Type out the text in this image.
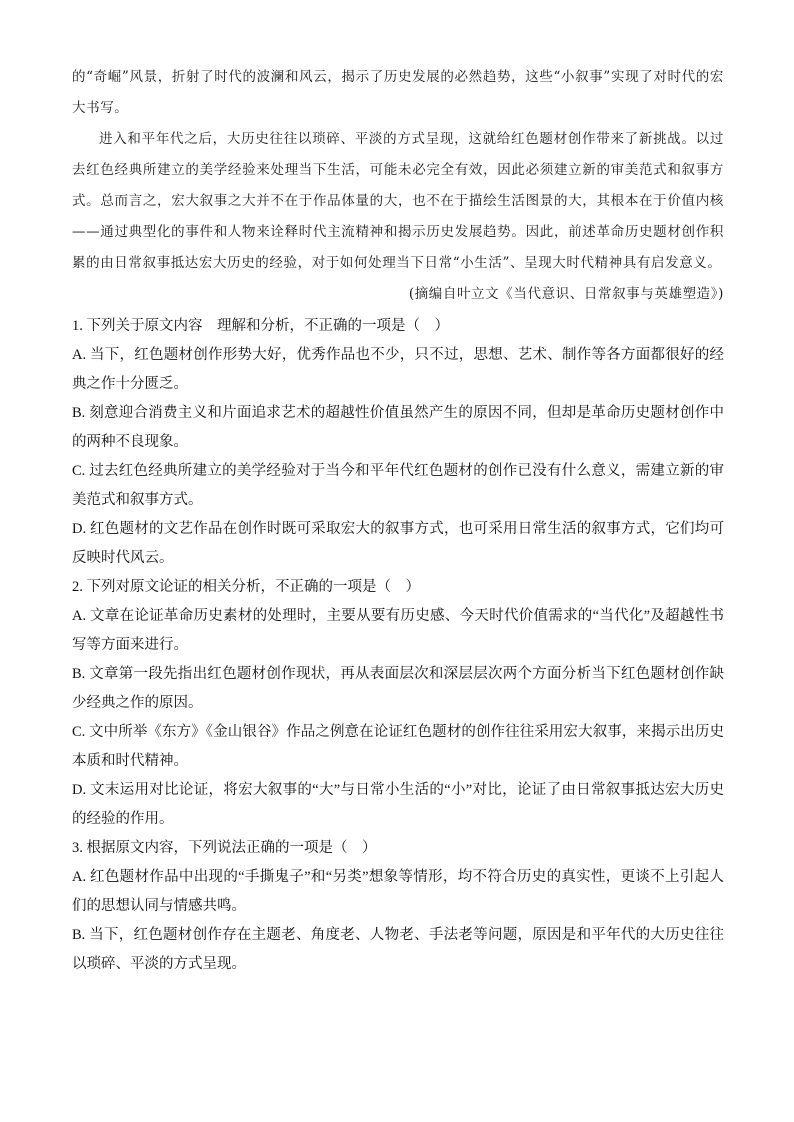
的“奇崛”风景，折射了时代的波澜和风云，揭示了历史发展的必然趋势，这些“小叙事”实现了对时代的宏大书写。

进入和平年代之后，大历史往往以琐碎、平淡的方式呈现，这就给红色题材创作带来了新挑战。以过去红色经典所建立的美学经验来处理当下生活，可能未必完全有效，因此必须建立新的审美范式和叙事方式。总而言之，宏大叙事之大并不在于作品体量的大，也不在于描绘生活图景的大，其根本在于价值内核——通过典型化的事件和人物来诠释时代主流精神和揭示历史发展趋势。因此，前述革命历史题材创作积累的由日常叙事抵达宏大历史的经验，对于如何处理当下日常“小生活”、呈现大时代精神具有启发意义。

(摘编自叶立文《当代意识、日常叙事与英雄塑造》)

1. 下列关于原文内容　理解和分析，不正确的一项是（　）

A. 当下，红色题材创作形势大好，优秀作品也不少，只不过，思想、艺术、制作等各方面都很好的经典之作十分匮乏。

B. 刻意迎合消费主义和片面追求艺术的超越性价值虽然产生的原因不同，但却是革命历史题材创作中的两种不良现象。

C. 过去红色经典所建立的美学经验对于当今和平年代红色题材的创作已没有什么意义，需建立新的审美范式和叙事方式。

D. 红色题材的文艺作品在创作时既可采取宏大的叙事方式，也可采用日常生活的叙事方式，它们均可反映时代风云。

2. 下列对原文论证的相关分析，不正确的一项是（　）

A. 文章在论证革命历史素材的处理时，主要从要有历史感、今天时代价值需求的“当代化”及超越性书写等方面来进行。

B. 文章第一段先指出红色题材创作现状，再从表面层次和深层层次两个方面分析当下红色题材创作缺少经典之作的原因。

C. 文中所举《东方》《金山银谷》作品之例意在论证红色题材的创作往往采用宏大叙事，来揭示出历史本质和时代精神。

D. 文末运用对比论证，将宏大叙事的“大”与日常小生活的“小”对比，论证了由日常叙事抵达宏大历史的经验的作用。

3. 根据原文内容，下列说法正确的一项是（　）

A. 红色题材作品中出现的“手撕鬼子”和“另类”想象等情形，均不符合历史的真实性，更谈不上引起人们的思想认同与情感共鸣。

B. 当下，红色题材创作存在主题老、角度老、人物老、手法老等问题，原因是和平年代的大历史往往以琐碎、平淡的方式呈现。
